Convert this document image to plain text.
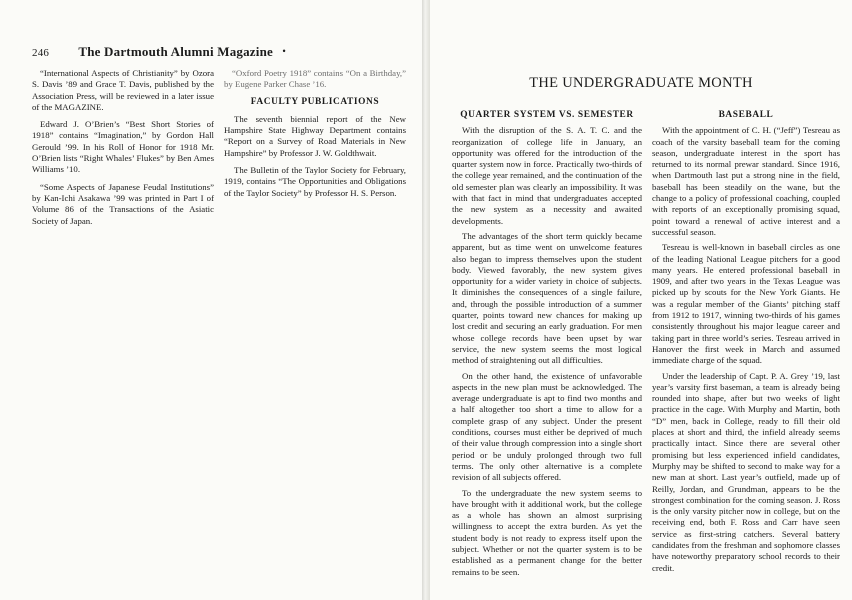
246 The Dartmouth Alumni Magazine •

“International Aspects of Christianity” by Ozora S. Davis ’89 and Grace T. Davis, published by the Association Press, will be reviewed in a later issue of the MAGAZINE.

Edward J. O’Brien’s “Best Short Stories of 1918” contains “Imagination,” by Gordon Hall Gerould ’99. In his Roll of Honor for 1918 Mr. O’Brien lists “Right Whales’ Flukes” by Ben Ames Williams ’10.

“Some Aspects of Japanese Feudal Institutions” by Kan-Ichi Asakawa ’99 was printed in Part I of Volume 86 of the Transactions of the Asiatic Society of Japan.

“Oxford Poetry 1918” contains “On a Birthday,” by Eugene Parker Chase ’16.

FACULTY PUBLICATIONS

The seventh biennial report of the New Hampshire State Highway Department contains “Report on a Survey of Road Materials in New Hampshire” by Professor J. W. Goldthwait.

The Bulletin of the Taylor Society for February, 1919, contains “The Opportunities and Obligations of the Taylor Society” by Professor H. S. Person.

THE UNDERGRADUATE MONTH
QUARTER SYSTEM VS. SEMESTER

With the disruption of the S. A. T. C. and the reorganization of college life in January, an opportunity was offered for the introduction of the quarter system now in force. Practically two-thirds of the college year remained, and the continuation of the old semester plan was clearly an impossibility. It was with that fact in mind that undergraduates accepted the new system as a necessity and awaited developments.

The advantages of the short term quickly became apparent, but as time went on unwelcome features also began to impress themselves upon the student body. Viewed favorably, the new system gives opportunity for a wider variety in choice of subjects. It diminishes the consequences of a single failure, and, through the possible introduction of a summer quarter, points toward new chances for making up lost credit and securing an early graduation. For men whose college records have been upset by war service, the new system seems the most logical method of straightening out all difficulties.

On the other hand, the existence of unfavorable aspects in the new plan must be acknowledged. The average undergraduate is apt to find two months and a half altogether too short a time to allow for a complete grasp of any subject. Under the present conditions, courses must either be deprived of much of their value through compression into a single short period or be unduly prolonged through two full terms. The only other alternative is a complete revision of all subjects offered.

To the undergraduate the new system seems to have brought with it additional work, but the college as a whole has shown an almost surprising willingness to accept the extra burden. As yet the student body is not ready to express itself upon the subject. Whether or not the quarter system is to be established as a permanent change for the better remains to be seen.

BASEBALL

With the appointment of C. H. (“Jeff”) Tesreau as coach of the varsity baseball team for the coming season, undergraduate interest in the sport has returned to its normal prewar standard. Since 1916, when Dartmouth last put a strong nine in the field, baseball has been steadily on the wane, but the change to a policy of professional coaching, coupled with reports of an exceptionally promising squad, point toward a renewal of active interest and a successful season.

Tesreau is well-known in baseball circles as one of the leading National League pitchers for a good many years. He entered professional baseball in 1909, and after two years in the Texas League was picked up by scouts for the New York Giants. He was a regular member of the Giants’ pitching staff from 1912 to 1917, winning two-thirds of his games consistently throughout his major league career and taking part in three world’s series. Tesreau arrived in Hanover the first week in March and assumed immediate charge of the squad.

Under the leadership of Capt. P. A. Grey ’19, last year’s varsity first baseman, a team is already being rounded into shape, after but two weeks of light practice in the cage. With Murphy and Martin, both “D” men, back in College, ready to fill their old places at short and third, the infield already seems practically intact. Since there are several other promising but less experienced infield candidates, Murphy may be shifted to second to make way for a new man at short. Last year’s outfield, made up of Reilly, Jordan, and Grundman, appears to be the strongest combination for the coming season. J. Ross is the only varsity pitcher now in college, but on the receiving end, both F. Ross and Carr have seen service as first-string catchers. Several battery candidates from the freshman and sophomore classes have noteworthy preparatory school records to their credit.
